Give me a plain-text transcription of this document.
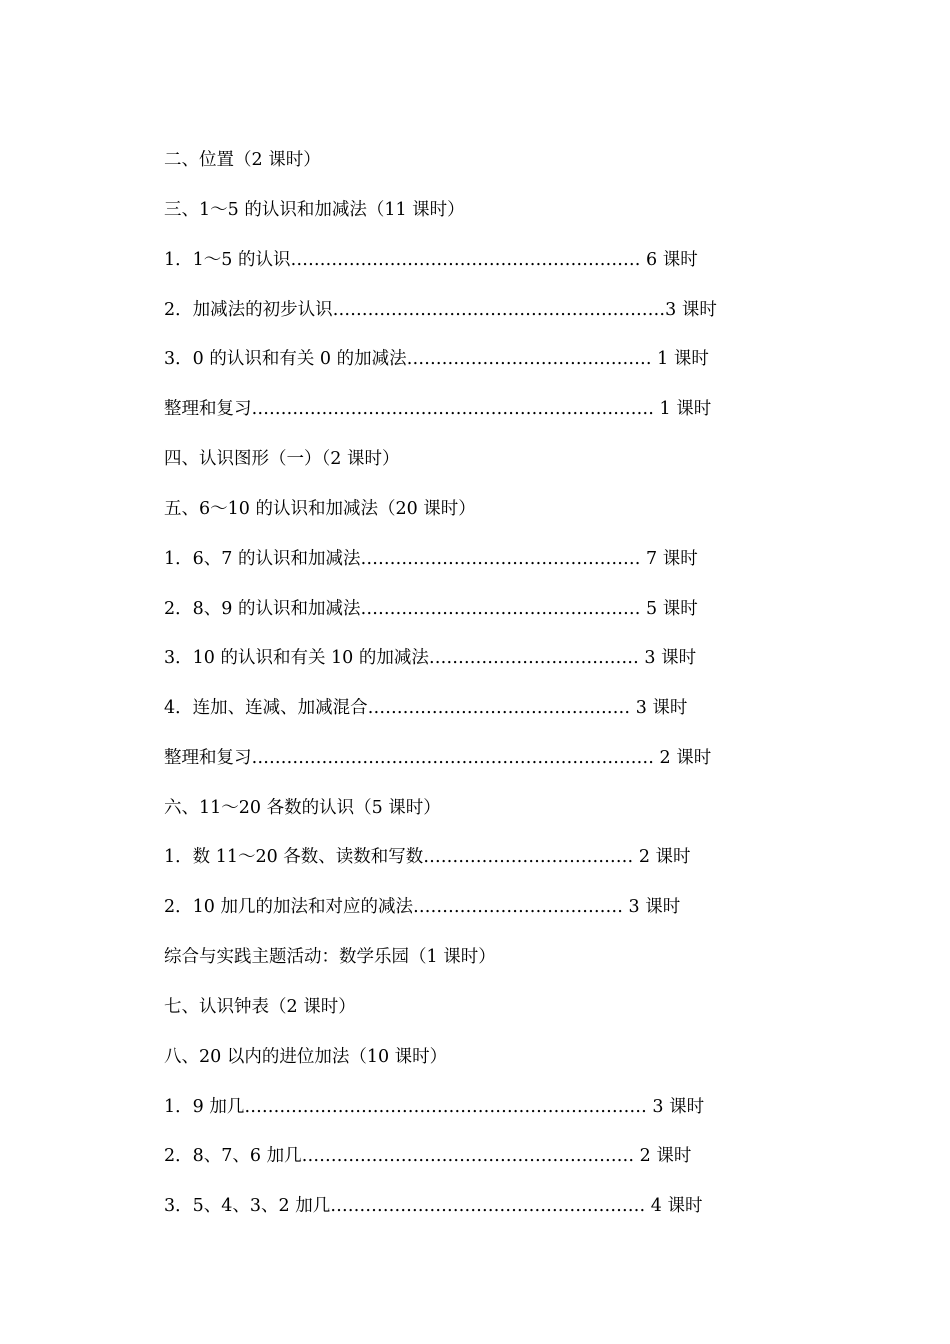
二、位置（2 课时）
三、1～5 的认识和加减法（11 课时）
1．1～5 的认识…………………………………………………… 6 课时
2．加减法的初步认识…………………………………………………3 课时
3．0 的认识和有关 0 的加减法…………………………………… 1 课时
整理和复习…………………………………………………………… 1 课时
四、认识图形（一）（2 课时）
五、6～10 的认识和加减法（20 课时）
1．6、7 的认识和加减法………………………………………… 7 课时
2．8、9 的认识和加减法………………………………………… 5 课时
3．10 的认识和有关 10 的加减法……………………………… 3 课时
4．连加、连减、加减混合……………………………………… 3 课时
整理和复习…………………………………………………………… 2 课时
六、11～20 各数的认识（5 课时）
1．数 11～20 各数、读数和写数……………………………… 2 课时
2．10 加几的加法和对应的减法……………………………… 3 课时
综合与实践主题活动：数学乐园（1 课时）
七、认识钟表（2 课时）
八、20 以内的进位加法（10 课时）
1．9 加几…………………………………………………………… 3 课时
2．8、7、6 加几………………………………………………… 2 课时
3．5、4、3、2 加几……………………………………………… 4 课时
